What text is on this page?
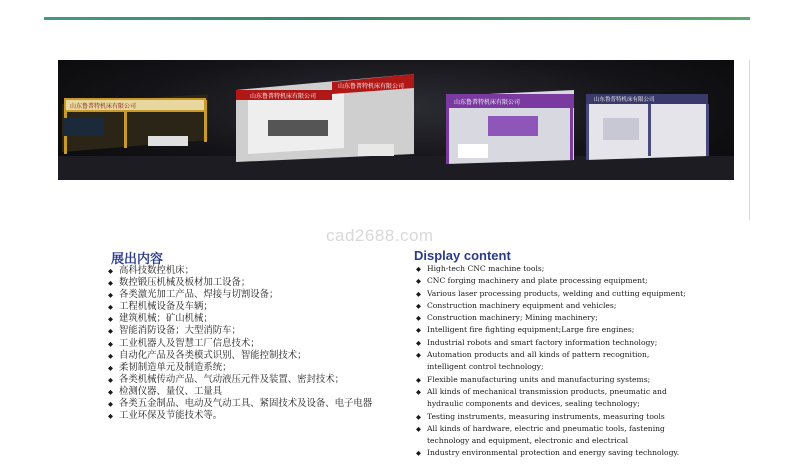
山东鲁普特机床有限公司
山东鲁普特机床有限公司
山东鲁普特机床有限公司
山东鲁普特机床有限公司	山东鲁普特机床有限公司
cad2688.com
展出内容
◆ 高科技数控机床；
◆ 数控锻压机械及板材加工设备；
◆ 各类激光加工产品、焊接与切割设备；
◆ 工程机械设备及车辆；
◆ 建筑机械；矿山机械；
◆ 智能消防设备；大型消防车；
◆ 工业机器人及智慧工厂信息技术；
◆ 自动化产品及各类模式识别、智能控制技术；
◆ 柔韧制造单元及制造系统；
◆ 各类机械传动产品、气动液压元件及装置、密封技术；
◆ 检测仪器、量仪、工量具
◆ 各类五金制品、电动及气动工具、紧固技术及设备、电子电器
◆ 工业环保及节能技术等。
Display content
◆ High-tech CNC machine tools;
◆ CNC forging machinery and plate processing equipment;
◆ Various laser processing products, welding and cutting equipment;
◆ Construction machinery equipment and vehicles;
◆ Construction machinery; Mining machinery;
◆ Intelligent fire fighting equipment;Large fire engines;
◆ Industrial robots and smart factory information technology;
◆ Automation products and all kinds of pattern recognition,
intelligent control technology;
◆ Flexible manufacturing units and manufacturing systems;
◆ All kinds of mechanical transmission products, pneumatic and
hydraulic components and devices, sealing technology;
◆ Testing instruments, measuring instruments, measuring tools
◆ All kinds of hardware, electric and pneumatic tools, fastening
technology and equipment, electronic and electrical
◆ Industry environmental protection and energy saving technology.
